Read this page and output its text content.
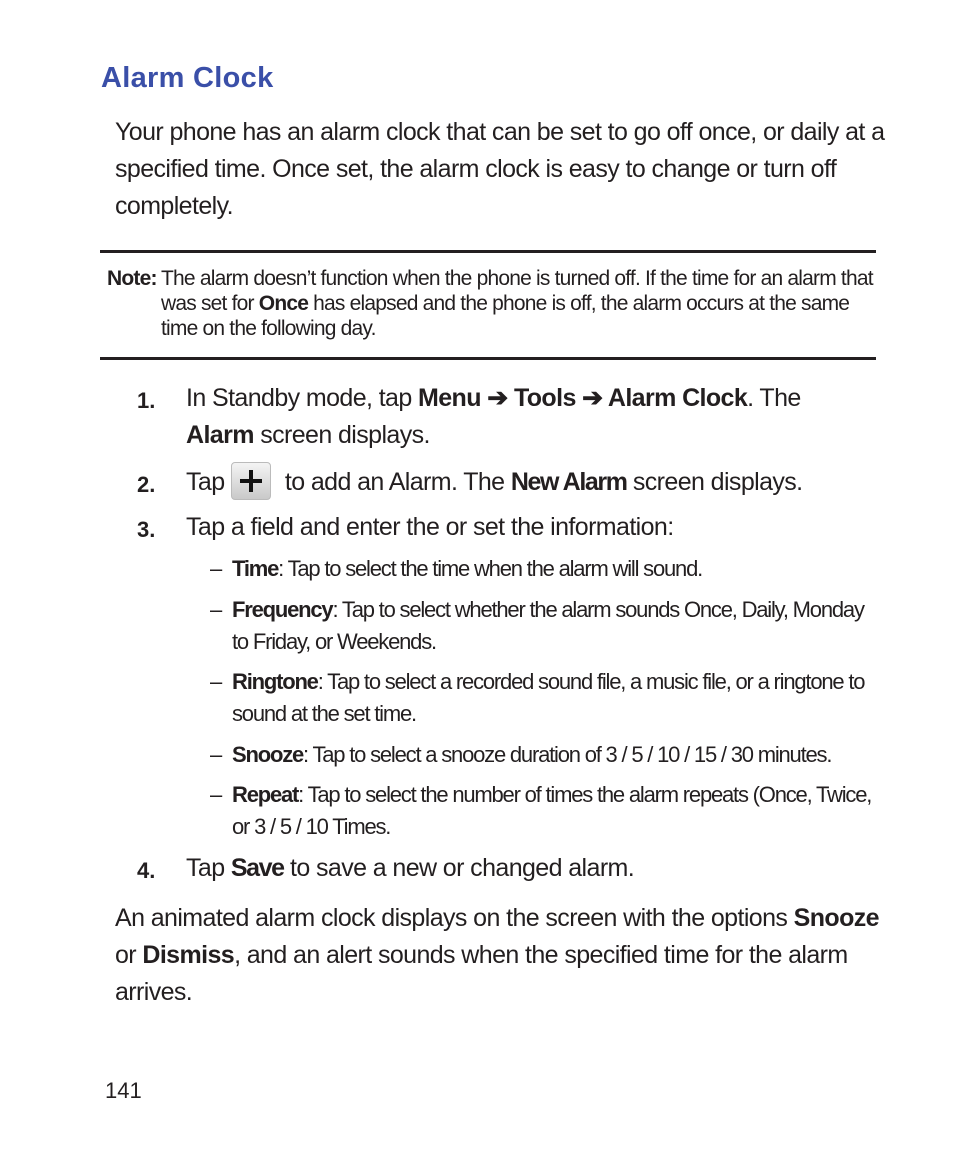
Alarm Clock
Your phone has an alarm clock that can be set to go off once, or daily at a specified time. Once set, the alarm clock is easy to change or turn off completely.
Note: The alarm doesn’t function when the phone is turned off. If the time for an alarm that was set for Once has elapsed and the phone is off, the alarm occurs at the same time on the following day.
1. In Standby mode, tap Menu ➔ Tools ➔ Alarm Clock. The Alarm screen displays.
2. Tap to add an Alarm. The New Alarm screen displays.
3. Tap a field and enter the or set the information:
– Time: Tap to select the time when the alarm will sound.
– Frequency: Tap to select whether the alarm sounds Once, Daily, Monday to Friday, or Weekends.
– Ringtone: Tap to select a recorded sound file, a music file, or a ringtone to sound at the set time.
– Snooze: Tap to select a snooze duration of 3 / 5 / 10 / 15 / 30 minutes.
– Repeat: Tap to select the number of times the alarm repeats (Once, Twice, or 3 / 5 / 10 Times.
4. Tap Save to save a new or changed alarm.
An animated alarm clock displays on the screen with the options Snooze or Dismiss, and an alert sounds when the specified time for the alarm arrives.
141
